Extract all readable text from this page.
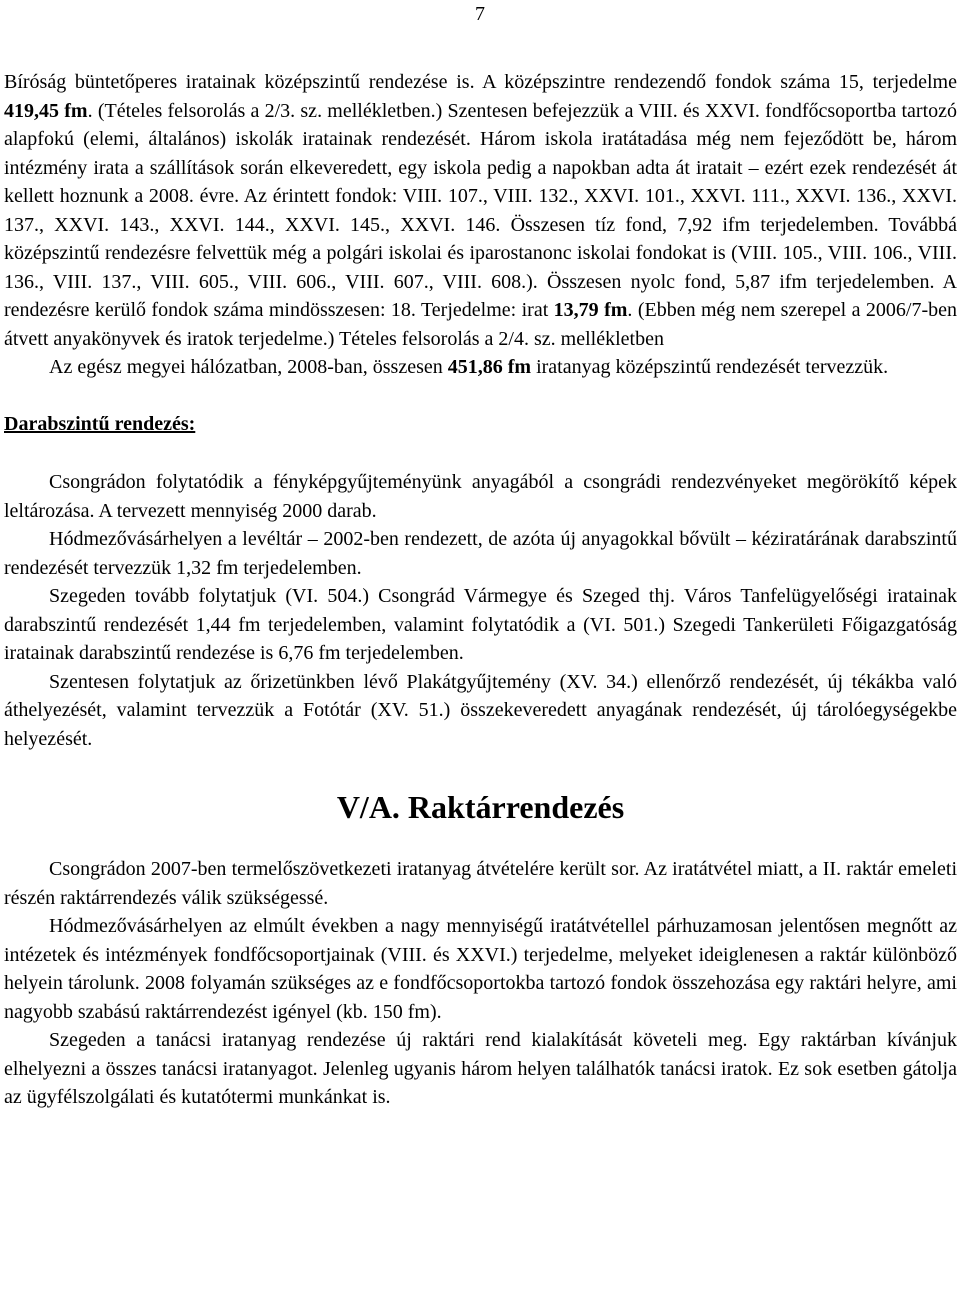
7

Bíróság büntetőperes iratainak középszintű rendezése is. A középszintre rendezendő fondok száma 15, terjedelme 419,45 fm. (Tételes felsorolás a 2/3. sz. mellékletben.) Szentesen befejezzük a VIII. és XXVI. fondfőcsoportba tartozó alapfokú (elemi, általános) iskolák iratainak rendezését. Három iskola iratátadása még nem fejeződött be, három intézmény irata a szállítások során elkeveredett, egy iskola pedig a napokban adta át iratait – ezért ezek rendezését át kellett hoznunk a 2008. évre. Az érintett fondok: VIII. 107., VIII. 132., XXVI. 101., XXVI. 111., XXVI. 136., XXVI. 137., XXVI. 143., XXVI. 144., XXVI. 145., XXVI. 146. Összesen tíz fond, 7,92 ifm terjedelemben. Továbbá középszintű rendezésre felvettük még a polgári iskolai és iparostanonc iskolai fondokat is (VIII. 105., VIII. 106., VIII. 136., VIII. 137., VIII. 605., VIII. 606., VIII. 607., VIII. 608.). Összesen nyolc fond, 5,87 ifm terjedelemben. A rendezésre kerülő fondok száma mindösszesen: 18. Terjedelme: irat 13,79 fm. (Ebben még nem szerepel a 2006/7-ben átvett anyakönyvek és iratok terjedelme.) Tételes felsorolás a 2/4. sz. mellékletben

Az egész megyei hálózatban, 2008-ban, összesen 451,86 fm iratanyag középszintű rendezését tervezzük.

Darabszintű rendezés:

Csongrádon folytatódik a fényképgyűjteményünk anyagából a csongrádi rendezvényeket megörökítő képek leltározása. A tervezett mennyiség 2000 darab.

Hódmezővásárhelyen a levéltár – 2002-ben rendezett, de azóta új anyagokkal bővült – kéziratárának darabszintű rendezését tervezzük 1,32 fm terjedelemben.

Szegeden tovább folytatjuk (VI. 504.) Csongrád Vármegye és Szeged thj. Város Tanfelügyelőségi iratainak darabszintű rendezését 1,44 fm terjedelemben, valamint folytatódik a (VI. 501.) Szegedi Tankerületi Főigazgatóság iratainak darabszintű rendezése is 6,76 fm terjedelemben.

Szentesen folytatjuk az őrizetünkben lévő Plakátgyűjtemény (XV. 34.) ellenőrző rendezését, új tékákba való áthelyezését, valamint tervezzük a Fotótár (XV. 51.) összekeveredett anyagának rendezését, új tárolóegységekbe helyezését.

V/A. Raktárrendezés

Csongrádon 2007-ben termelőszövetkezeti iratanyag átvételére került sor. Az iratátvétel miatt, a II. raktár emeleti részén raktárrendezés válik szükségessé.

Hódmezővásárhelyen az elmúlt években a nagy mennyiségű iratátvétellel párhuzamosan jelentősen megnőtt az intézetek és intézmények fondfőcsoportjainak (VIII. és XXVI.) terjedelme, melyeket ideiglenesen a raktár különböző helyein tárolunk. 2008 folyamán szükséges az e fondfőcsoportokba tartozó fondok összehozása egy raktári helyre, ami nagyobb szabású raktárrendezést igényel (kb. 150 fm).

Szegeden a tanácsi iratanyag rendezése új raktári rend kialakítását követeli meg. Egy raktárban kívánjuk elhelyezni a összes tanácsi iratanyagot. Jelenleg ugyanis három helyen találhatók tanácsi iratok. Ez sok esetben gátolja az ügyfélszolgálati és kutatótermi munkánkat is.
